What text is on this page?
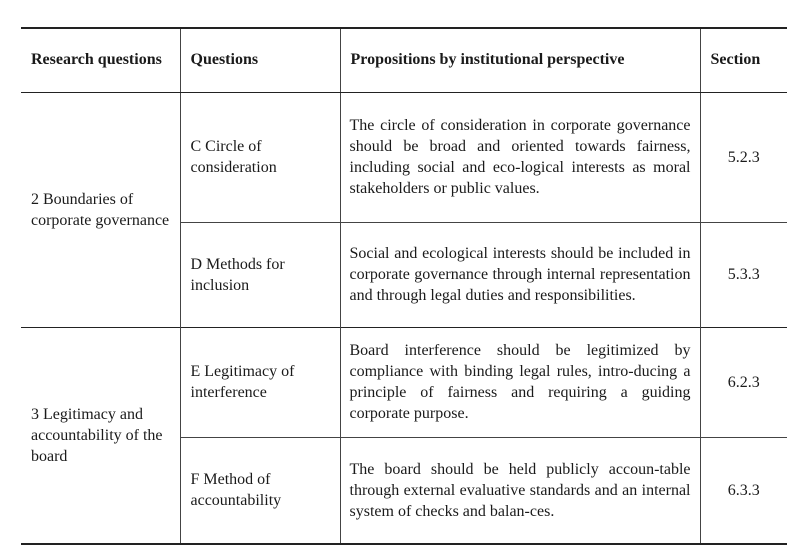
Research questions	Questions	Propositions by institutional perspective	Section
2 Boundaries of corporate governance	C Circle of consideration	The circle of consideration in corporate governance should be broad and oriented towards fairness, including social and eco-logical interests as moral stakeholders or public values.	5.2.3
	D Methods for inclusion	Social and ecological interests should be included in corporate governance through internal representation and through legal duties and responsibilities.	5.3.3
3 Legitimacy and accountability of the board	E Legitimacy of interference	Board interference should be legitimized by compliance with binding legal rules, intro-ducing a principle of fairness and requiring a guiding corporate purpose.	6.2.3
	F Method of accountability	The board should be held publicly accoun-table through external evaluative standards and an internal system of checks and balan-ces.	6.3.3
